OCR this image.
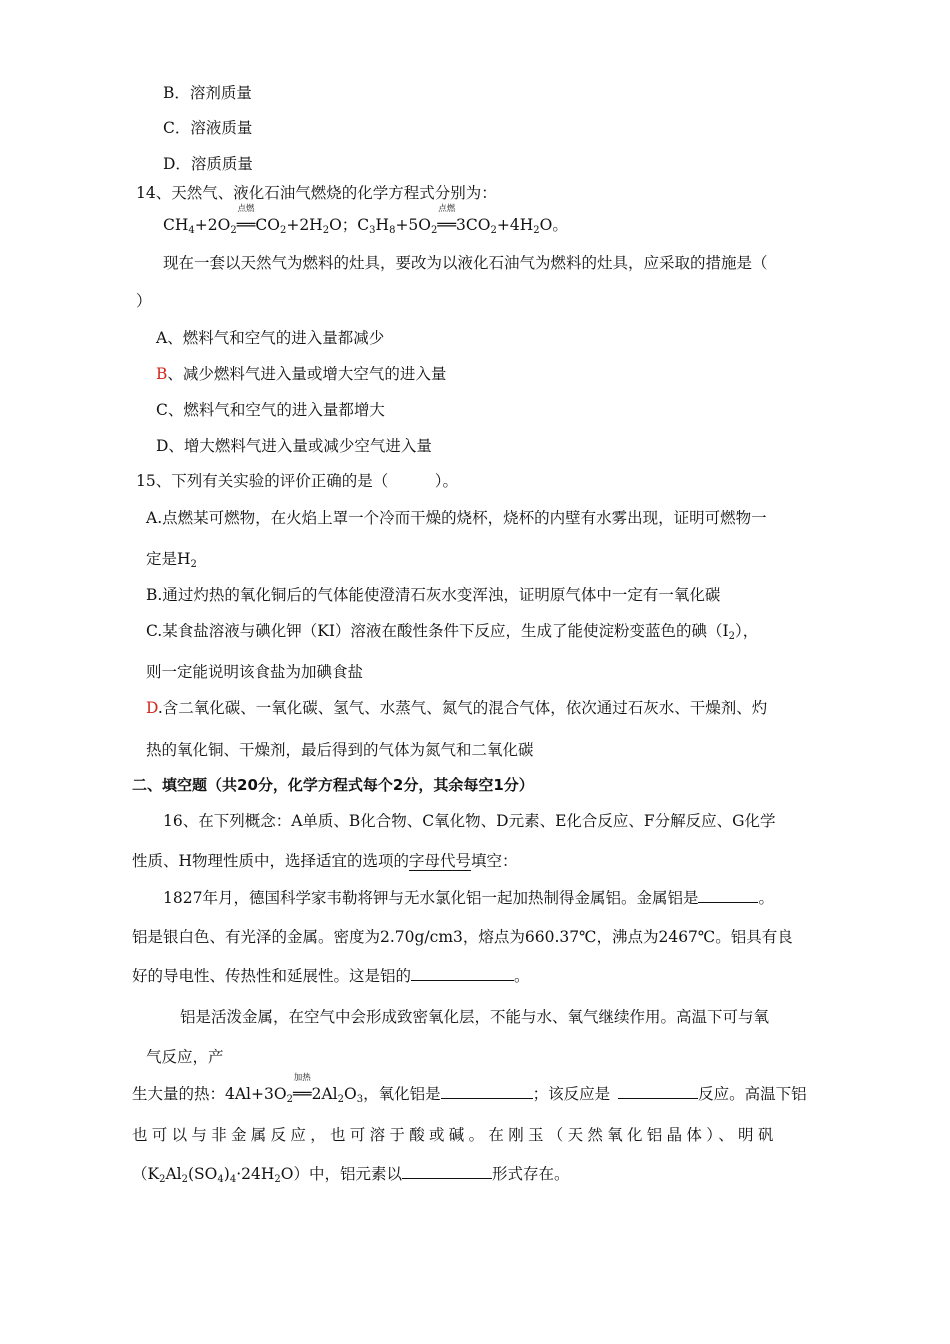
B．溶剂质量
C．溶液质量
D．溶质质量
14、天然气、液化石油气燃烧的化学方程式分别为：
$CH_4+2O_2$
点燃
$══CO_2+2H_2O$；$C_3H_8+5O_2$
点燃
$══3CO_2+4H_2O$。
现在一套以天然气为燃料的灶具，要改为以液化石油气为燃料的灶具，应采取的措施是（
）
A、燃料气和空气的进入量都减少
B、减少燃料气进入量或增大空气的进入量
C、燃料气和空气的进入量都增大
D、增大燃料气进入量或减少空气进入量
15、下列有关实验的评价正确的是（　　　）。
A.点燃某可燃物，在火焰上罩一个冷而干燥的烧杯，烧杯的内壁有水雾出现，证明可燃物一
定是$H_2$
B.通过灼热的氧化铜后的气体能使澄清石灰水变浑浊，证明原气体中一定有一氧化碳
C.某食盐溶液与碘化钾（KI）溶液在酸性条件下反应，生成了能使淀粉变蓝色的碘$(I_2)$，
则一定能说明该食盐为加碘食盐
D.含二氧化碳、一氧化碳、氢气、水蒸气、氮气的混合气体，依次通过石灰水、干燥剂、灼
热的氧化铜、干燥剂，最后得到的气体为氮气和二氧化碳
二、填空题（共20分，化学方程式每个2分，其余每空1分）
16、在下列概念：A单质、B化合物、C氧化物、D元素、E化合反应、F分解反应、G化学
性质、H物理性质中，选择适宜的选项的字母代号填空：
1827年月，德国科学家韦勒将钾与无水氯化铝一起加热制得金属铝。金属铝是	。
铝是银白色、有光泽的金属。密度为2.70g/cm3，熔点为660.37℃，沸点为2467℃。铝具有良
好的导电性、传热性和延展性。这是铝的	。
铝是活泼金属，在空气中会形成致密氧化层，不能与水、氧气继续作用。高温下可与氧
气反应，产
生大量的热：$4Al+3O_2$
加热
$══2Al_2O_3$，氧化铝是	；该反应是	反应。高温下铝
也可以与非金属反应，也可溶于酸或碱。在刚玉（天然氧化铝晶体）、明矾
$(K_2Al_2(SO_4)_4\cdot 24H_2O)$中，铝元素以	形式存在。
